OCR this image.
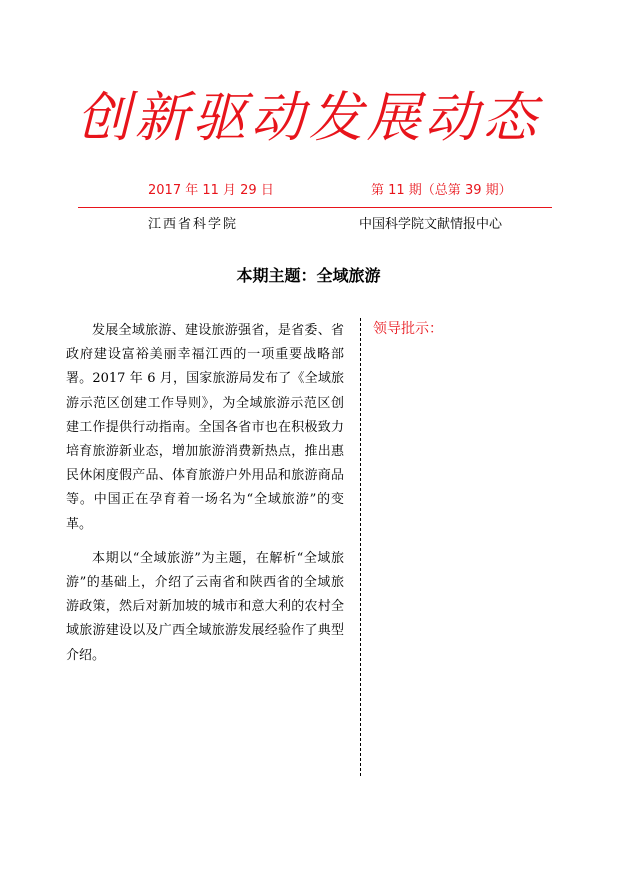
创新驱动发展动态
2017 年 11 月 29 日	第 11 期（总第 39 期）
江西省科学院	中国科学院文献情报中心
本期主题：全域旅游

发展全域旅游、建设旅游强省，是省委、省政府建设富裕美丽幸福江西的一项重要战略部署。2017 年 6 月，国家旅游局发布了《全域旅游示范区创建工作导则》，为全域旅游示范区创建工作提供行动指南。全国各省市也在积极致力培育旅游新业态，增加旅游消费新热点，推出惠民休闲度假产品、体育旅游户外用品和旅游商品等。中国正在孕育着一场名为“全域旅游”的变革。

本期以“全域旅游”为主题，在解析“全域旅游”的基础上，介绍了云南省和陕西省的全域旅游政策，然后对新加坡的城市和意大利的农村全域旅游建设以及广西全域旅游发展经验作了典型介绍。

领导批示：
